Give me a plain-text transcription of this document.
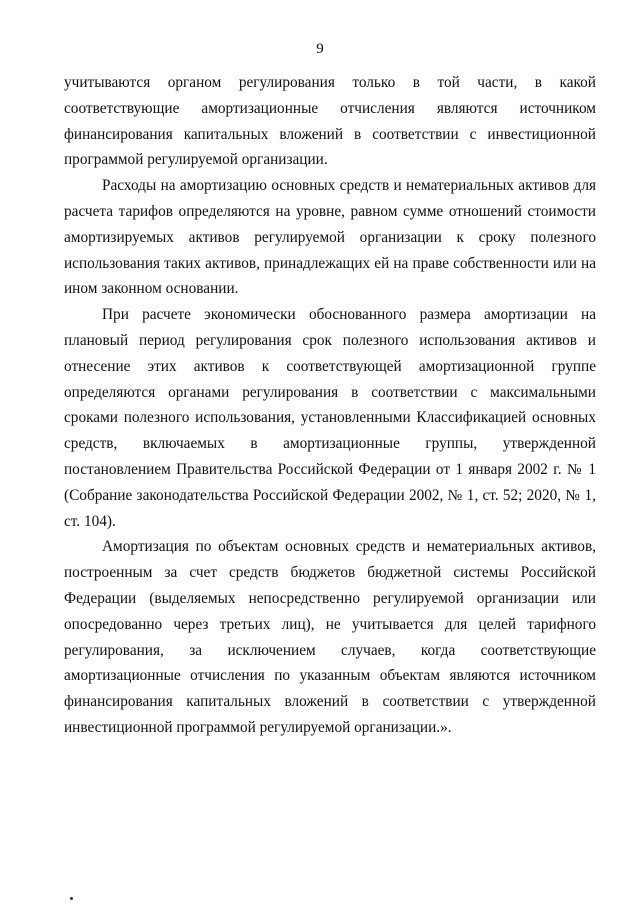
9

учитываются органом регулирования только в той части, в какой соответствующие амортизационные отчисления являются источником финансирования капитальных вложений в соответствии с инвестиционной программой регулируемой организации.

Расходы на амортизацию основных средств и нематериальных активов для расчета тарифов определяются на уровне, равном сумме отношений стоимости амортизируемых активов регулируемой организации к сроку полезного использования таких активов, принадлежащих ей на праве собственности или на ином законном основании.

При расчете экономически обоснованного размера амортизации на плановый период регулирования срок полезного использования активов и отнесение этих активов к соответствующей амортизационной группе определяются органами регулирования в соответствии с максимальными сроками полезного использования, установленными Классификацией основных средств, включаемых в амортизационные группы, утвержденной постановлением Правительства Российской Федерации от 1 января 2002 г. № 1 (Собрание законодательства Российской Федерации 2002, № 1, ст. 52; 2020, № 1, ст. 104).

Амортизация по объектам основных средств и нематериальных активов, построенным за счет средств бюджетов бюджетной системы Российской Федерации (выделяемых непосредственно регулируемой организации или опосредованно через третьих лиц), не учитывается для целей тарифного регулирования, за исключением случаев, когда соответствующие амортизационные отчисления по указанным объектам являются источником финансирования капитальных вложений в соответствии с утвержденной инвестиционной программой регулируемой организации.».
